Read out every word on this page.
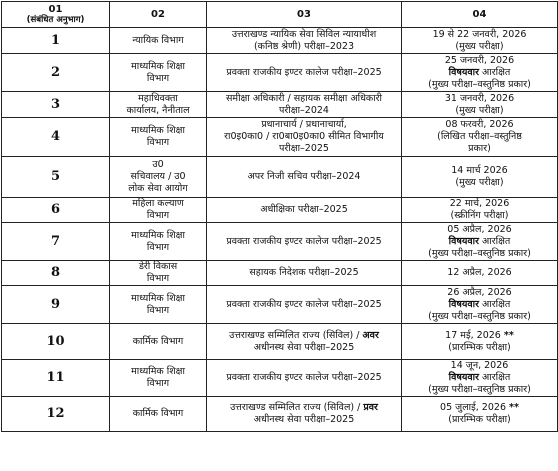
01
(संबंधित अनुभाग)	02	03	04
1	न्यायिक विभाग	उत्तराखण्ड न्यायिक सेवा सिविल न्यायाधीश
(कनिष्ठ श्रेणी) परीक्षा–2023	19 से 22 जनवरी, 2026
(मुख्य परीक्षा)

2	माध्यमिक शिक्षा
विभाग	प्रवक्ता राजकीय इण्टर कालेज परीक्षा–2025	25 जनवरी, 2026
विषयवार आरक्षित
(मुख्य परीक्षा–वस्तुनिष्ठ प्रकार)

3	महाधिवक्ता
कार्यालय, नैनीताल	समीक्षा अधिकारी / सहायक समीक्षा अधिकारी
परीक्षा–2024	31 जनवरी, 2026
(मुख्य परीक्षा)

4	माध्यमिक शिक्षा
विभाग	प्रधानाचार्य / प्रधानाचार्या,
रा0इ0का0 / रा0बा0इ0का0 सीमित विभागीय
परीक्षा–2025	08 फरवरी, 2026
(लिखित परीक्षा–वस्तुनिष्ठ
प्रकार)

5	उ0
सचिवालय / उ0
लोक सेवा आयोग	अपर निजी सचिव परीक्षा–2024	14 मार्च 2026
(मुख्य परीक्षा)

6	महिला कल्याण
विभाग	अधीक्षिका परीक्षा–2025	22 मार्च, 2026
(स्क्रीनिंग परीक्षा)

7	माध्यमिक शिक्षा
विभाग	प्रवक्ता राजकीय इण्टर कालेज परीक्षा–2025	05 अप्रैल, 2026
विषयवार आरक्षित
(मुख्य परीक्षा–वस्तुनिष्ठ प्रकार)

8	डेरी विकास
विभाग	सहायक निदेशक परीक्षा–2025	12 अप्रैल, 2026

9	माध्यमिक शिक्षा
विभाग	प्रवक्ता राजकीय इण्टर कालेज परीक्षा–2025	26 अप्रैल, 2026
विषयवार आरक्षित
(मुख्य परीक्षा–वस्तुनिष्ठ प्रकार)

10	कार्मिक विभाग	उत्तराखण्ड सम्मिलित राज्य (सिविल) / अवर
अधीनस्थ सेवा परीक्षा–2025	17 मई, 2026 **
(प्रारम्भिक परीक्षा)

11	माध्यमिक शिक्षा
विभाग	प्रवक्ता राजकीय इण्टर कालेज परीक्षा–2025	14 जून, 2026
विषयवार आरक्षित
(मुख्य परीक्षा–वस्तुनिष्ठ प्रकार)

12	कार्मिक विभाग	उत्तराखण्ड सम्मिलित राज्य (सिविल) / प्रवर
अधीनस्थ सेवा परीक्षा–2025	05 जुलाई, 2026 **
(प्रारम्भिक परीक्षा)
